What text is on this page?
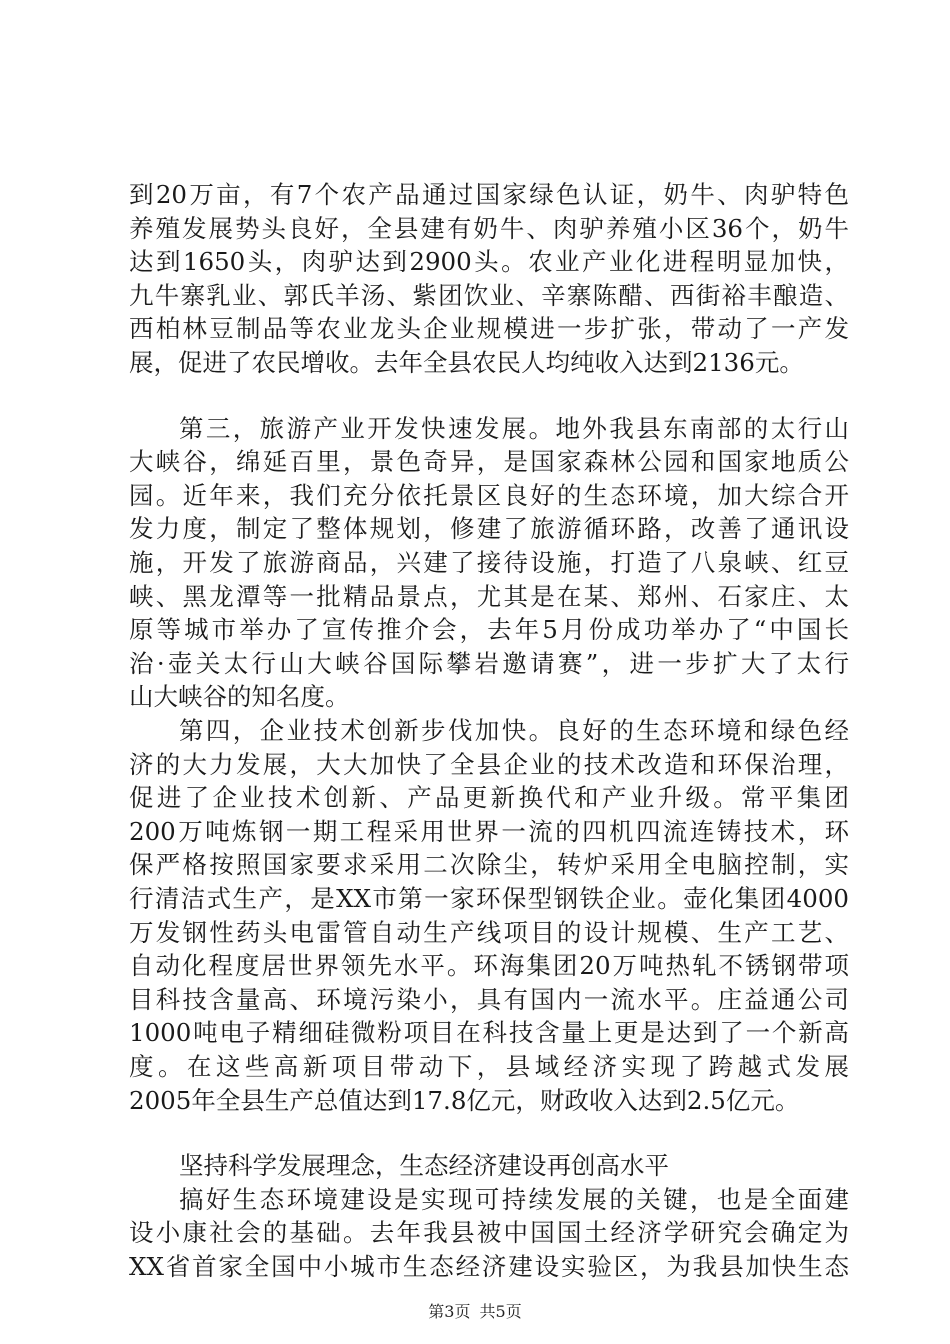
到20万亩，有7个农产品通过国家绿色认证，奶牛、肉驴特色
养殖发展势头良好，全县建有奶牛、肉驴养殖小区36个，奶牛
达到1650头，肉驴达到2900头。农业产业化进程明显加快，
九牛寨乳业、郭氏羊汤、紫团饮业、辛寨陈醋、西街裕丰酿造、
西柏林豆制品等农业龙头企业规模进一步扩张，带动了一产发
展，促进了农民增收。去年全县农民人均纯收入达到2136元。
第三，旅游产业开发快速发展。地外我县东南部的太行山
大峡谷，绵延百里，景色奇异，是国家森林公园和国家地质公
园。近年来，我们充分依托景区良好的生态环境，加大综合开
发力度，制定了整体规划，修建了旅游循环路，改善了通讯设
施，开发了旅游商品，兴建了接待设施，打造了八泉峡、红豆
峡、黑龙潭等一批精品景点，尤其是在某、郑州、石家庄、太
原等城市举办了宣传推介会，去年5月份成功举办了“中国长
治·壶关太行山大峡谷国际攀岩邀请赛”，进一步扩大了太行
山大峡谷的知名度。
第四，企业技术创新步伐加快。良好的生态环境和绿色经
济的大力发展，大大加快了全县企业的技术改造和环保治理，
促进了企业技术创新、产品更新换代和产业升级。常平集团
200万吨炼钢一期工程采用世界一流的四机四流连铸技术，环
保严格按照国家要求采用二次除尘，转炉采用全电脑控制，实
行清洁式生产，是XX市第一家环保型钢铁企业。壶化集团4000
万发钢性药头电雷管自动生产线项目的设计规模、生产工艺、
自动化程度居世界领先水平。环海集团20万吨热轧不锈钢带项
目科技含量高、环境污染小，具有国内一流水平。庄益通公司
1000吨电子精细硅微粉项目在科技含量上更是达到了一个新高
度。在这些高新项目带动下，县域经济实现了跨越式发展
2005年全县生产总值达到17.8亿元，财政收入达到2.5亿元。
坚持科学发展理念，生态经济建设再创高水平
搞好生态环境建设是实现可持续发展的关键，也是全面建
设小康社会的基础。去年我县被中国国土经济学研究会确定为
XX省首家全国中小城市生态经济建设实验区，为我县加快生态
第3页 共5页
